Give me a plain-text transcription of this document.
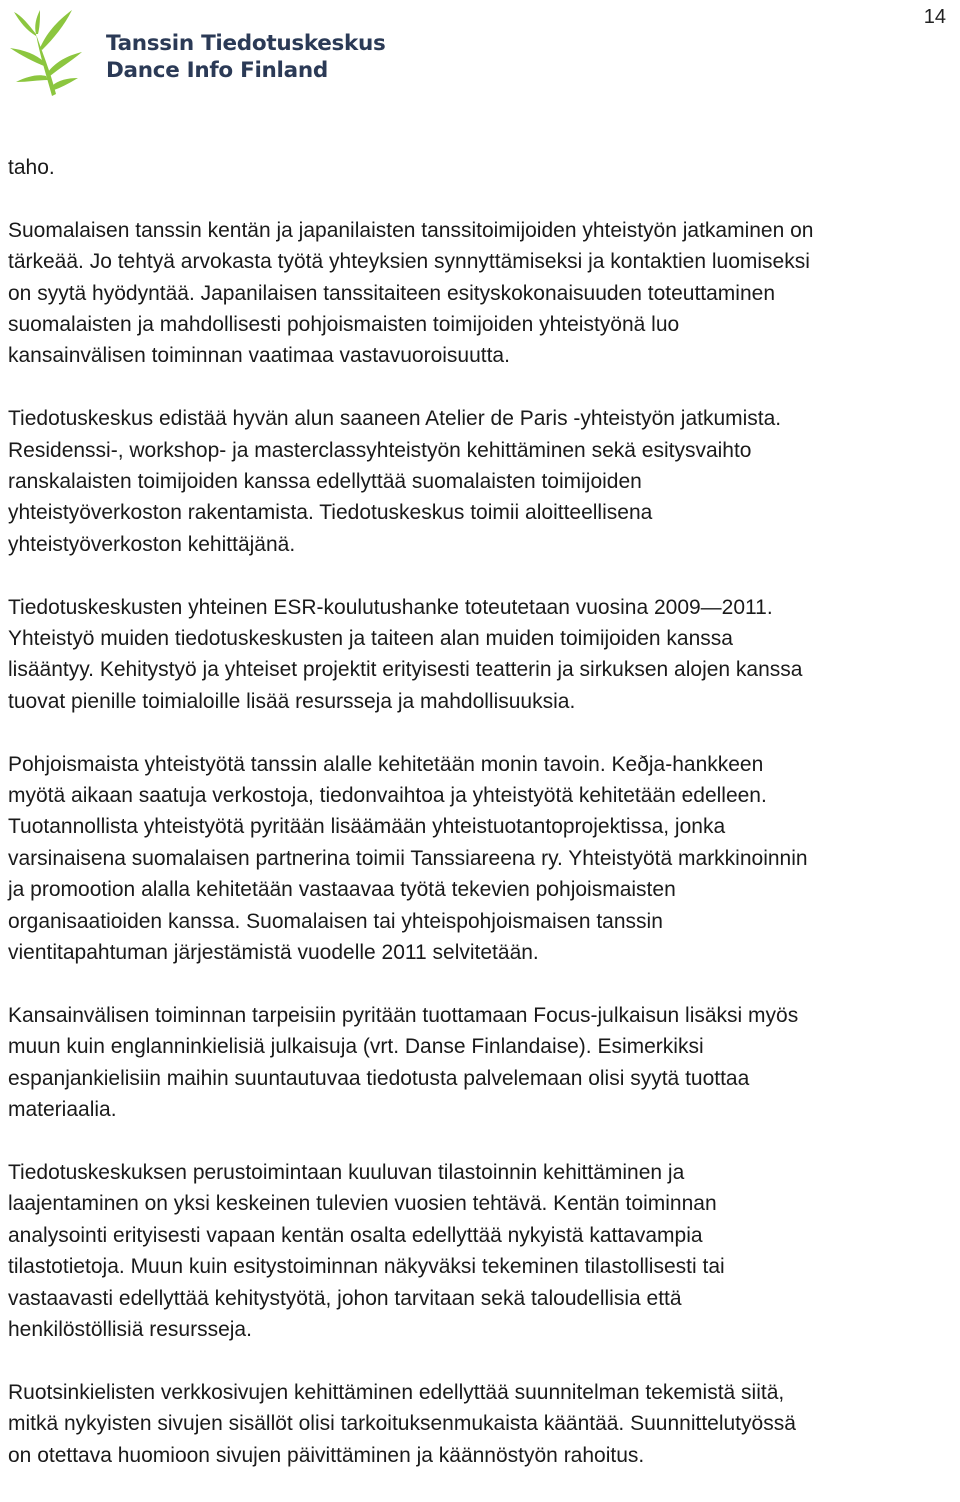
Tanssin Tiedotuskeskus
Dance Info Finland
14

taho.

Suomalaisen tanssin kentän ja japanilaisten tanssitoimijoiden yhteistyön jatkaminen on
tärkeää. Jo tehtyä arvokasta työtä yhteyksien synnyttämiseksi ja kontaktien luomiseksi
on syytä hyödyntää. Japanilaisen tanssitaiteen esityskokonaisuuden toteuttaminen
suomalaisten ja mahdollisesti pohjoismaisten toimijoiden yhteistyönä luo
kansainvälisen toiminnan vaatimaa vastavuoroisuutta.

Tiedotuskeskus edistää hyvän alun saaneen Atelier de Paris -yhteistyön jatkumista.
Residenssi-, workshop- ja masterclassyhteistyön kehittäminen sekä esitysvaihto
ranskalaisten toimijoiden kanssa edellyttää suomalaisten toimijoiden
yhteistyöverkoston rakentamista. Tiedotuskeskus toimii aloitteellisena
yhteistyöverkoston kehittäjänä.

Tiedotuskeskusten yhteinen ESR-koulutushanke toteutetaan vuosina 2009—2011.
Yhteistyö muiden tiedotuskeskusten ja taiteen alan muiden toimijoiden kanssa
lisääntyy. Kehitystyö ja yhteiset projektit erityisesti teatterin ja sirkuksen alojen kanssa
tuovat pienille toimialoille lisää resursseja ja mahdollisuuksia.

Pohjoismaista yhteistyötä tanssin alalle kehitetään monin tavoin. Keðja-hankkeen
myötä aikaan saatuja verkostoja, tiedonvaihtoa ja yhteistyötä kehitetään edelleen.
Tuotannollista yhteistyötä pyritään lisäämään yhteistuotantoprojektissa, jonka
varsinaisena suomalaisen partnerina toimii Tanssiareena ry. Yhteistyötä markkinoinnin
ja promootion alalla kehitetään vastaavaa työtä tekevien pohjoismaisten
organisaatioiden kanssa. Suomalaisen tai yhteispohjoismaisen tanssin
vientitapahtuman järjestämistä vuodelle 2011 selvitetään.

Kansainvälisen toiminnan tarpeisiin pyritään tuottamaan Focus-julkaisun lisäksi myös
muun kuin englanninkielisiä julkaisuja (vrt. Danse Finlandaise). Esimerkiksi
espanjankielisiin maihin suuntautuvaa tiedotusta palvelemaan olisi syytä tuottaa
materiaalia.

Tiedotuskeskuksen perustoimintaan kuuluvan tilastoinnin kehittäminen ja
laajentaminen on yksi keskeinen tulevien vuosien tehtävä. Kentän toiminnan
analysointi erityisesti vapaan kentän osalta edellyttää nykyistä kattavampia
tilastotietoja. Muun kuin esitystoiminnan näkyväksi tekeminen tilastollisesti tai
vastaavasti edellyttää kehitystyötä, johon tarvitaan sekä taloudellisia että
henkilöstöllisiä resursseja.

Ruotsinkielisten verkkosivujen kehittäminen edellyttää suunnitelman tekemistä siitä,
mitkä nykyisten sivujen sisällöt olisi tarkoituksenmukaista kääntää. Suunnittelutyössä
on otettava huomioon sivujen päivittäminen ja käännöstyön rahoitus.
